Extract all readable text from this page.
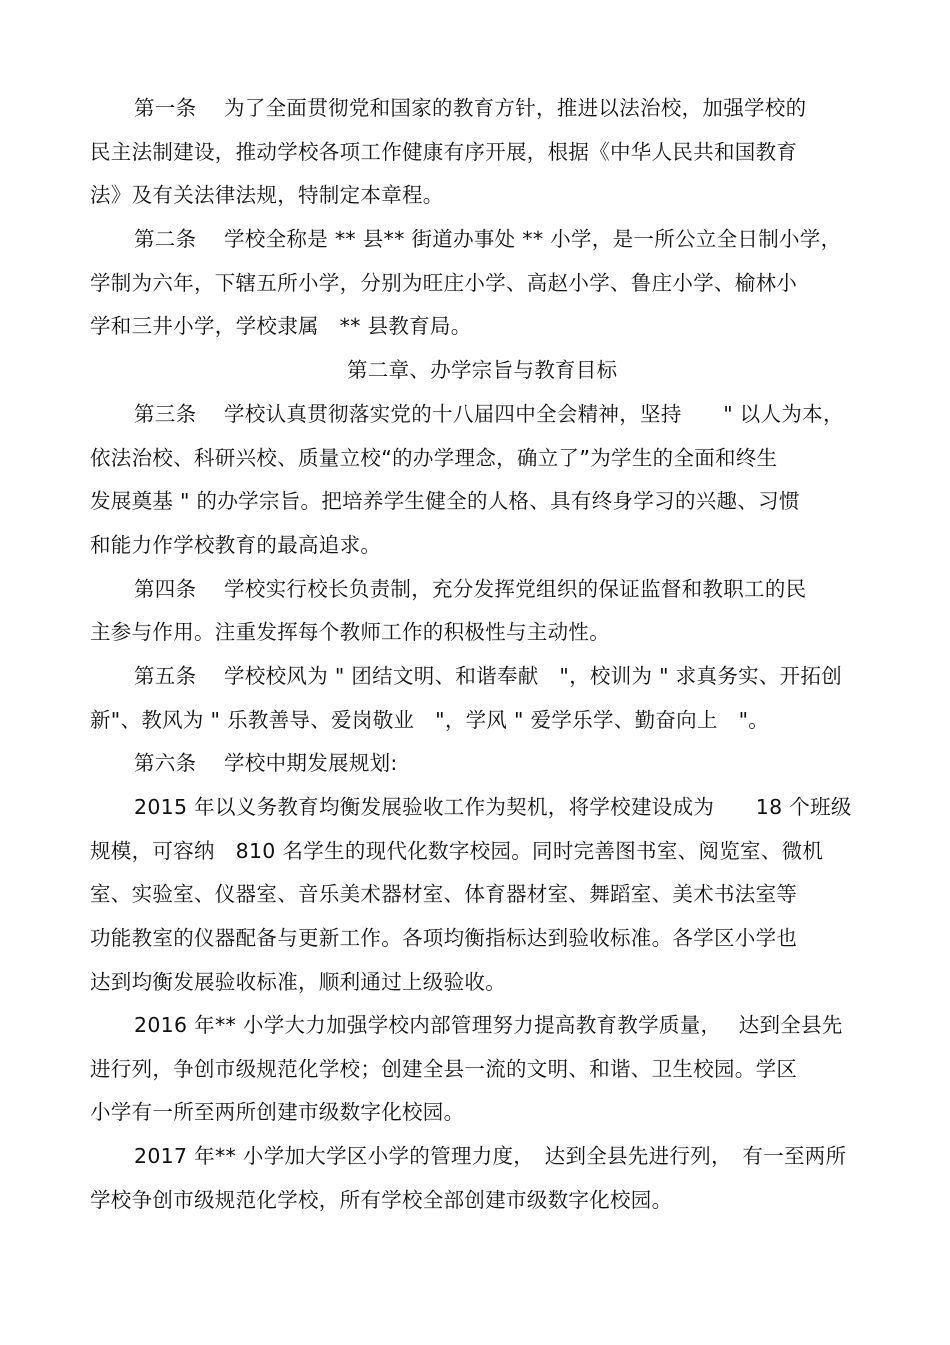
第一条　 为了全面贯彻党和国家的教育方针，推进以法治校，加强学校的
民主法制建设，推动学校各项工作健康有序开展，根据《中华人民共和国教育
法》及有关法律法规，特制定本章程。
第二条　 学校全称是 ** 县** 街道办事处 ** 小学，是一所公立全日制小学，
学制为六年，下辖五所小学，分别为旺庄小学、高赵小学、鲁庄小学、榆林小
学和三井小学，学校隶属　** 县教育局。
第二章、办学宗旨与教育目标
第三条　 学校认真贯彻落实党的十八届四中全会精神，坚持　　" 以人为本，
依法治校、科研兴校、质量立校“的办学理念，确立了”为学生的全面和终生
发展奠基 " 的办学宗旨。把培养学生健全的人格、具有终身学习的兴趣、习惯
和能力作学校教育的最高追求。
第四条　 学校实行校长负责制，充分发挥党组织的保证监督和教职工的民
主参与作用。注重发挥每个教师工作的积极性与主动性。
第五条　 学校校风为 " 团结文明、和谐奉献　"，校训为 " 求真务实、开拓创
新"、教风为 " 乐教善导、爱岗敬业　"，学风 " 爱学乐学、勤奋向上　"。
第六条　 学校中期发展规划:
2015 年以义务教育均衡发展验收工作为契机，将学校建设成为　　18 个班级
规模，可容纳　810 名学生的现代化数字校园。同时完善图书室、阅览室、微机
室、实验室、仪器室、音乐美术器材室、体育器材室、舞蹈室、美术书法室等
功能教室的仪器配备与更新工作。各项均衡指标达到验收标准。各学区小学也
达到均衡发展验收标准，顺利通过上级验收。
2016 年** 小学大力加强学校内部管理努力提高教育教学质量，　 达到全县先
进行列，争创市级规范化学校；创建全县一流的文明、和谐、卫生校园。学区
小学有一所至两所创建市级数字化校园。
2017 年** 小学加大学区小学的管理力度，　达到全县先进行列，　有一至两所
学校争创市级规范化学校，所有学校全部创建市级数字化校园。
